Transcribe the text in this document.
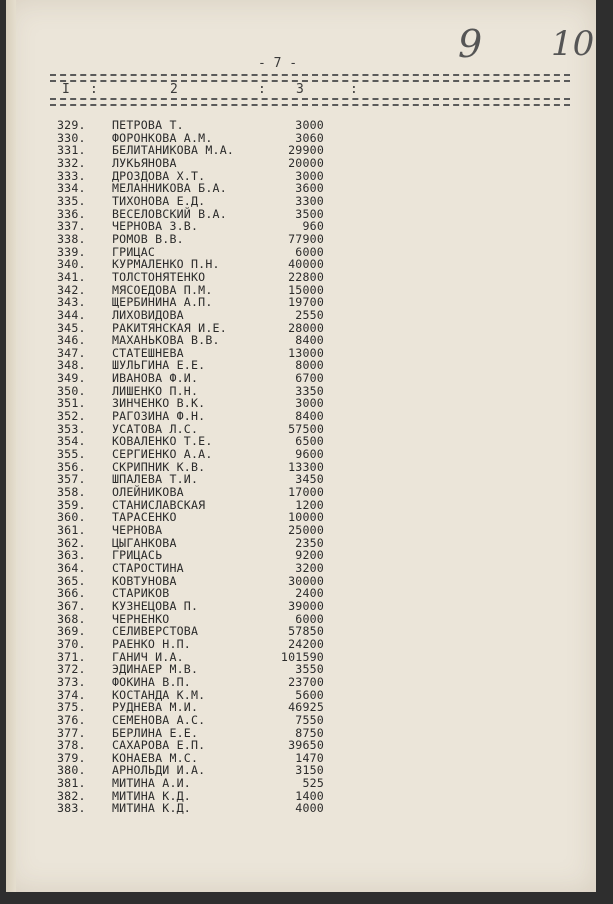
- 7 -	9 10
I :	2	: 3	:
329.	ПЕТРОВА Т.	3000
330.	ФОРОНКОВА А.М.	3060
331.	БЕЛИТАНИКОВА М.А.	29900
332.	ЛУКЬЯНОВА	20000
333.	ДРОЗДОВА Х.Т.	3000
334.	МЕЛАННИКОВА Б.А.	3600
335.	ТИХОНОВА Е.Д.	3300
336.	ВЕСЕЛОВСКИЙ В.А.	3500
337.	ЧЕРНОВА З.В.	960
338.	РОМОВ В.В.	77900
339.	ГРИЦАС	6000
340.	КУРМАЛЕНКО П.Н.	40000
341.	ТОЛСТОНЯТЕНКО	22800
342.	МЯСОЕДОВА П.М.	15000
343.	ЩЕРБИНИНА А.П.	19700
344.	ЛИХОВИДОВА	2550
345.	РАКИТЯНСКАЯ И.Е.	28000
346.	МАХАНЬКОВА В.В.	8400
347.	СТАТЕШНЕВА	13000
348.	ШУЛЬГИНА Е.Е.	8000
349.	ИВАНОВА Ф.И.	6700
350.	ЛИШЕНКО П.Н.	3350
351.	ЗИНЧЕНКО В.К.	3000
352.	РАГОЗИНА Ф.Н.	8400
353.	УСАТОВА Л.С.	57500
354.	КОВАЛЕНКО Т.Е.	6500
355.	СЕРГИЕНКО А.А.	9600
356.	СКРИПНИК К.В.	13300
357.	ШПАЛЕВА Т.И.	3450
358.	ОЛЕЙНИКОВА	17000
359.	СТАНИСЛАВСКАЯ	1200
360.	ТАРАСЕНКО	10000
361.	ЧЕРНОВА	25000
362.	ЦЫГАНКОВА	2350
363.	ГРИЦАСЬ	9200
364.	СТАРОСТИНА	3200
365.	КОВТУНОВА	30000
366.	СТАРИКОВ	2400
367.	КУЗНЕЦОВА П.	39000
368.	ЧЕРНЕНКО	6000
369.	СЕЛИВЕРСТОВА	57850
370.	РАЕНКО Н.П.	24200
371.	ГАНИЧ И.А.	101590
372.	ЭДИНАЕР М.В.	3550
373.	ФОКИНА В.П.	23700
374.	КОСТАНДА К.М.	5600
375.	РУДНЕВА М.И.	46925
376.	СЕМЕНОВА А.С.	7550
377.	БЕРЛИНА Е.Е.	8750
378.	САХАРОВА Е.П.	39650
379.	КОНАЕВА М.С.	1470
380.	АРНОЛЬДИ И.А.	3150
381.	МИТИНА А.И.	525
382.	МИТИНА К.Д.	1400
383.	МИТИНА К.Д.	4000
